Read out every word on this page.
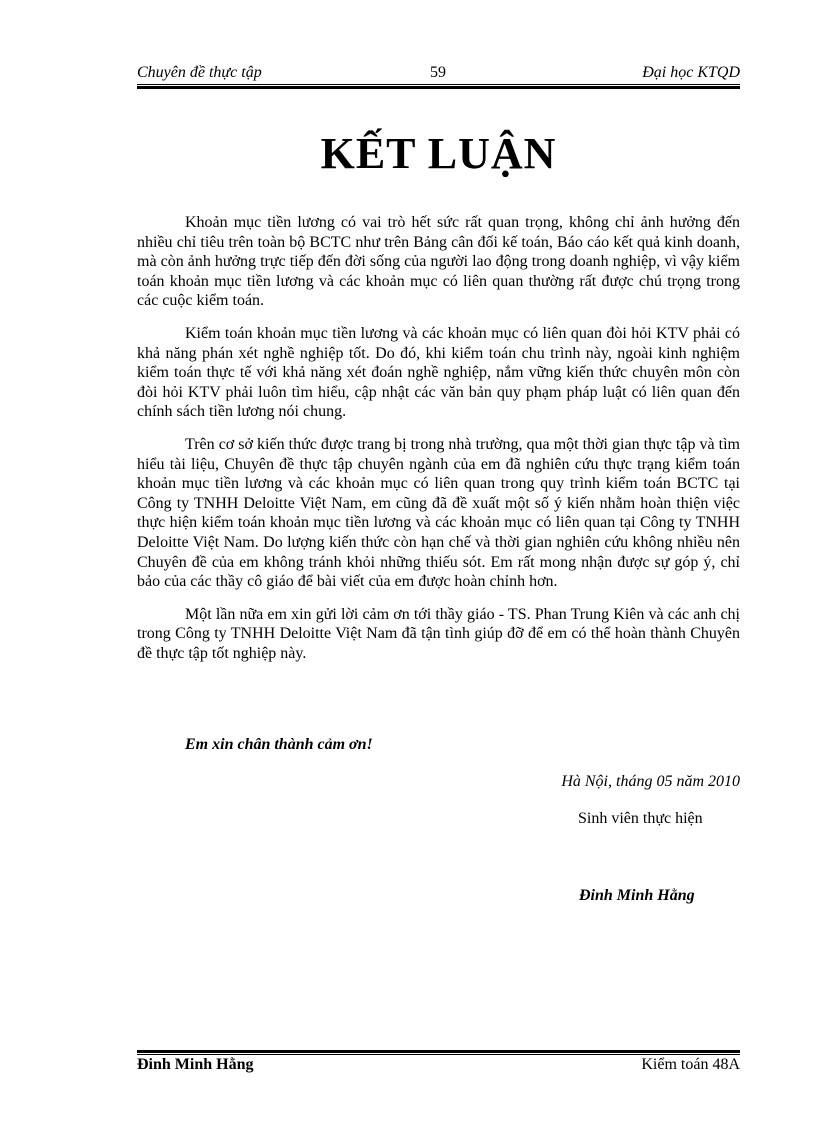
Chuyên đề thực tập	59	Đại học KTQD
KẾT LUẬN

Khoản mục tiền lương có vai trò hết sức rất quan trọng, không chỉ ảnh hưởng đến nhiều chỉ tiêu trên toàn bộ BCTC như trên Bảng cân đối kế toán, Báo cáo kết quả kinh doanh, mà còn ảnh hưởng trực tiếp đến đời sống của người lao động trong doanh nghiệp, vì vậy kiểm toán khoản mục tiền lương và các khoản mục có liên quan thường rất được chú trọng trong các cuộc kiểm toán.

Kiểm toán khoản mục tiền lương và các khoản mục có liên quan đòi hỏi KTV phải có khả năng phán xét nghề nghiệp tốt. Do đó, khi kiểm toán chu trình này, ngoài kinh nghiệm kiểm toán thực tế với khả năng xét đoán nghề nghiệp, nắm vững kiến thức chuyên môn còn đòi hỏi KTV phải luôn tìm hiểu, cập nhật các văn bản quy phạm pháp luật có liên quan đến chính sách tiền lương nói chung.

Trên cơ sở kiến thức được trang bị trong nhà trường, qua một thời gian thực tập và tìm hiểu tài liệu, Chuyên đề thực tập chuyên ngành của em đã nghiên cứu thực trạng kiểm toán khoản mục tiền lương và các khoản mục có liên quan trong quy trình kiểm toán BCTC tại Công ty TNHH Deloitte Việt Nam, em cũng đã đề xuất một số ý kiến nhằm hoàn thiện việc thực hiện kiểm toán khoản mục tiền lương và các khoản mục có liên quan tại Công ty TNHH Deloitte Việt Nam. Do lượng kiến thức còn hạn chế và thời gian nghiên cứu không nhiều nên Chuyên đề của em không tránh khỏi những thiếu sót. Em rất mong nhận được sự góp ý, chỉ bảo của các thầy cô giáo để bài viết của em được hoàn chỉnh hơn.

Một lần nữa em xin gửi lời cảm ơn tới thầy giáo - TS. Phan Trung Kiên và các anh chị trong Công ty TNHH Deloitte Việt Nam đã tận tình giúp đỡ để em có thể hoàn thành Chuyên đề thực tập tốt nghiệp này.

Em xin chân thành cảm ơn!
Hà Nội, tháng 05 năm 2010
Sinh viên thực hiện
Đinh Minh Hằng
Đinh Minh Hằng	Kiểm toán 48A
